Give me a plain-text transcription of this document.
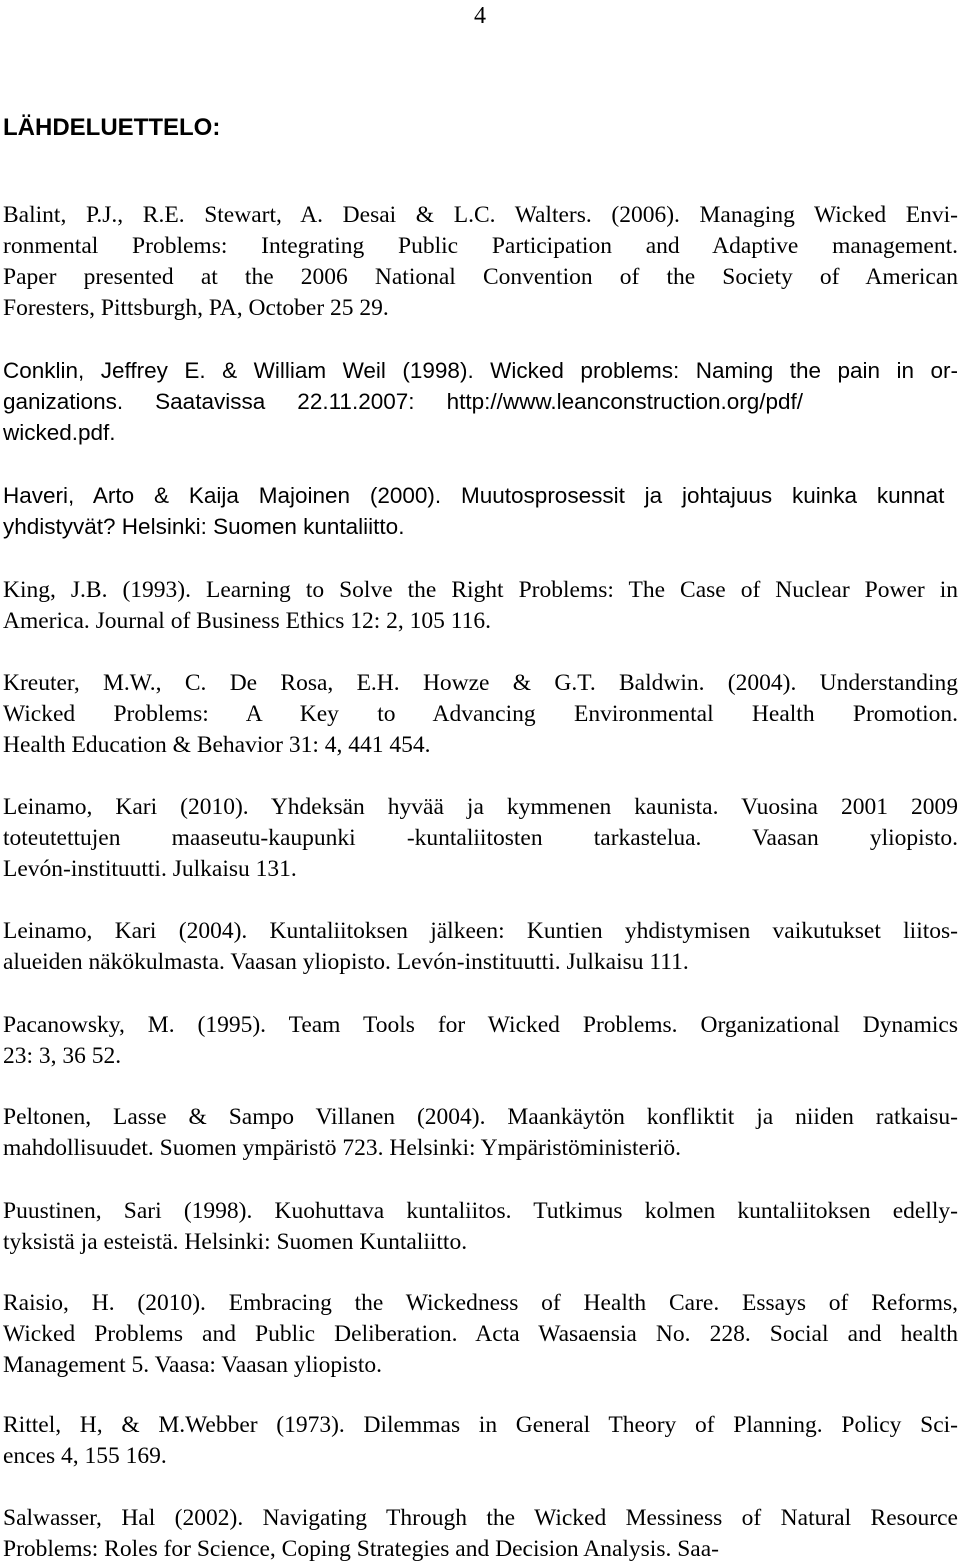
4
LÄHDELUETTELO:
Balint, P.J., R.E. Stewart, A. Desai & L.C. Walters. (2006). Managing Wicked Envi-
ronmental Problems: Integrating Public Participation and Adaptive management.
Paper presented at the 2006 National Convention of the Society of American
Foresters, Pittsburgh, PA, October 25 29.
Conklin, Jeffrey E. & William Weil (1998). Wicked problems: Naming the pain in or-
ganizations. Saatavissa 22.11.2007: http://www.leanconstruction.org/pdf/
wicked.pdf.
Haveri, Arto & Kaija Majoinen (2000). Muutosprosessit ja johtajuus kuinka kunnat
yhdistyvät? Helsinki: Suomen kuntaliitto.
King, J.B. (1993). Learning to Solve the Right Problems: The Case of Nuclear Power in
America. Journal of Business Ethics 12: 2, 105 116.
Kreuter, M.W., C. De Rosa, E.H. Howze & G.T. Baldwin. (2004). Understanding
Wicked Problems: A Key to Advancing Environmental Health Promotion.
Health Education & Behavior 31: 4, 441 454.
Leinamo, Kari (2010). Yhdeksän hyvää ja kymmenen kaunista. Vuosina 2001 2009
toteutettujen maaseutu-kaupunki -kuntaliitosten tarkastelua. Vaasan yliopisto.
Levón-instituutti. Julkaisu 131.
Leinamo, Kari (2004). Kuntaliitoksen jälkeen: Kuntien yhdistymisen vaikutukset liitos-
alueiden näkökulmasta. Vaasan yliopisto. Levón-instituutti. Julkaisu 111.
Pacanowsky, M. (1995). Team Tools for Wicked Problems. Organizational Dynamics
23: 3, 36 52.
Peltonen, Lasse & Sampo Villanen (2004). Maankäytön konfliktit ja niiden ratkaisu-
mahdollisuudet. Suomen ympäristö 723. Helsinki: Ympäristöministeriö.
Puustinen, Sari (1998). Kuohuttava kuntaliitos. Tutkimus kolmen kuntaliitoksen edelly-
tyksistä ja esteistä. Helsinki: Suomen Kuntaliitto.
Raisio, H. (2010). Embracing the Wickedness of Health Care. Essays of Reforms,
Wicked Problems and Public Deliberation. Acta Wasaensia No. 228. Social and health
Management 5. Vaasa: Vaasan yliopisto.
Rittel, H, & M.Webber (1973). Dilemmas in General Theory of Planning. Policy Sci-
ences 4, 155 169.
Salwasser, Hal (2002). Navigating Through the Wicked Messiness of Natural Resource
Problems: Roles for Science, Coping Strategies and Decision Analysis. Saa-
